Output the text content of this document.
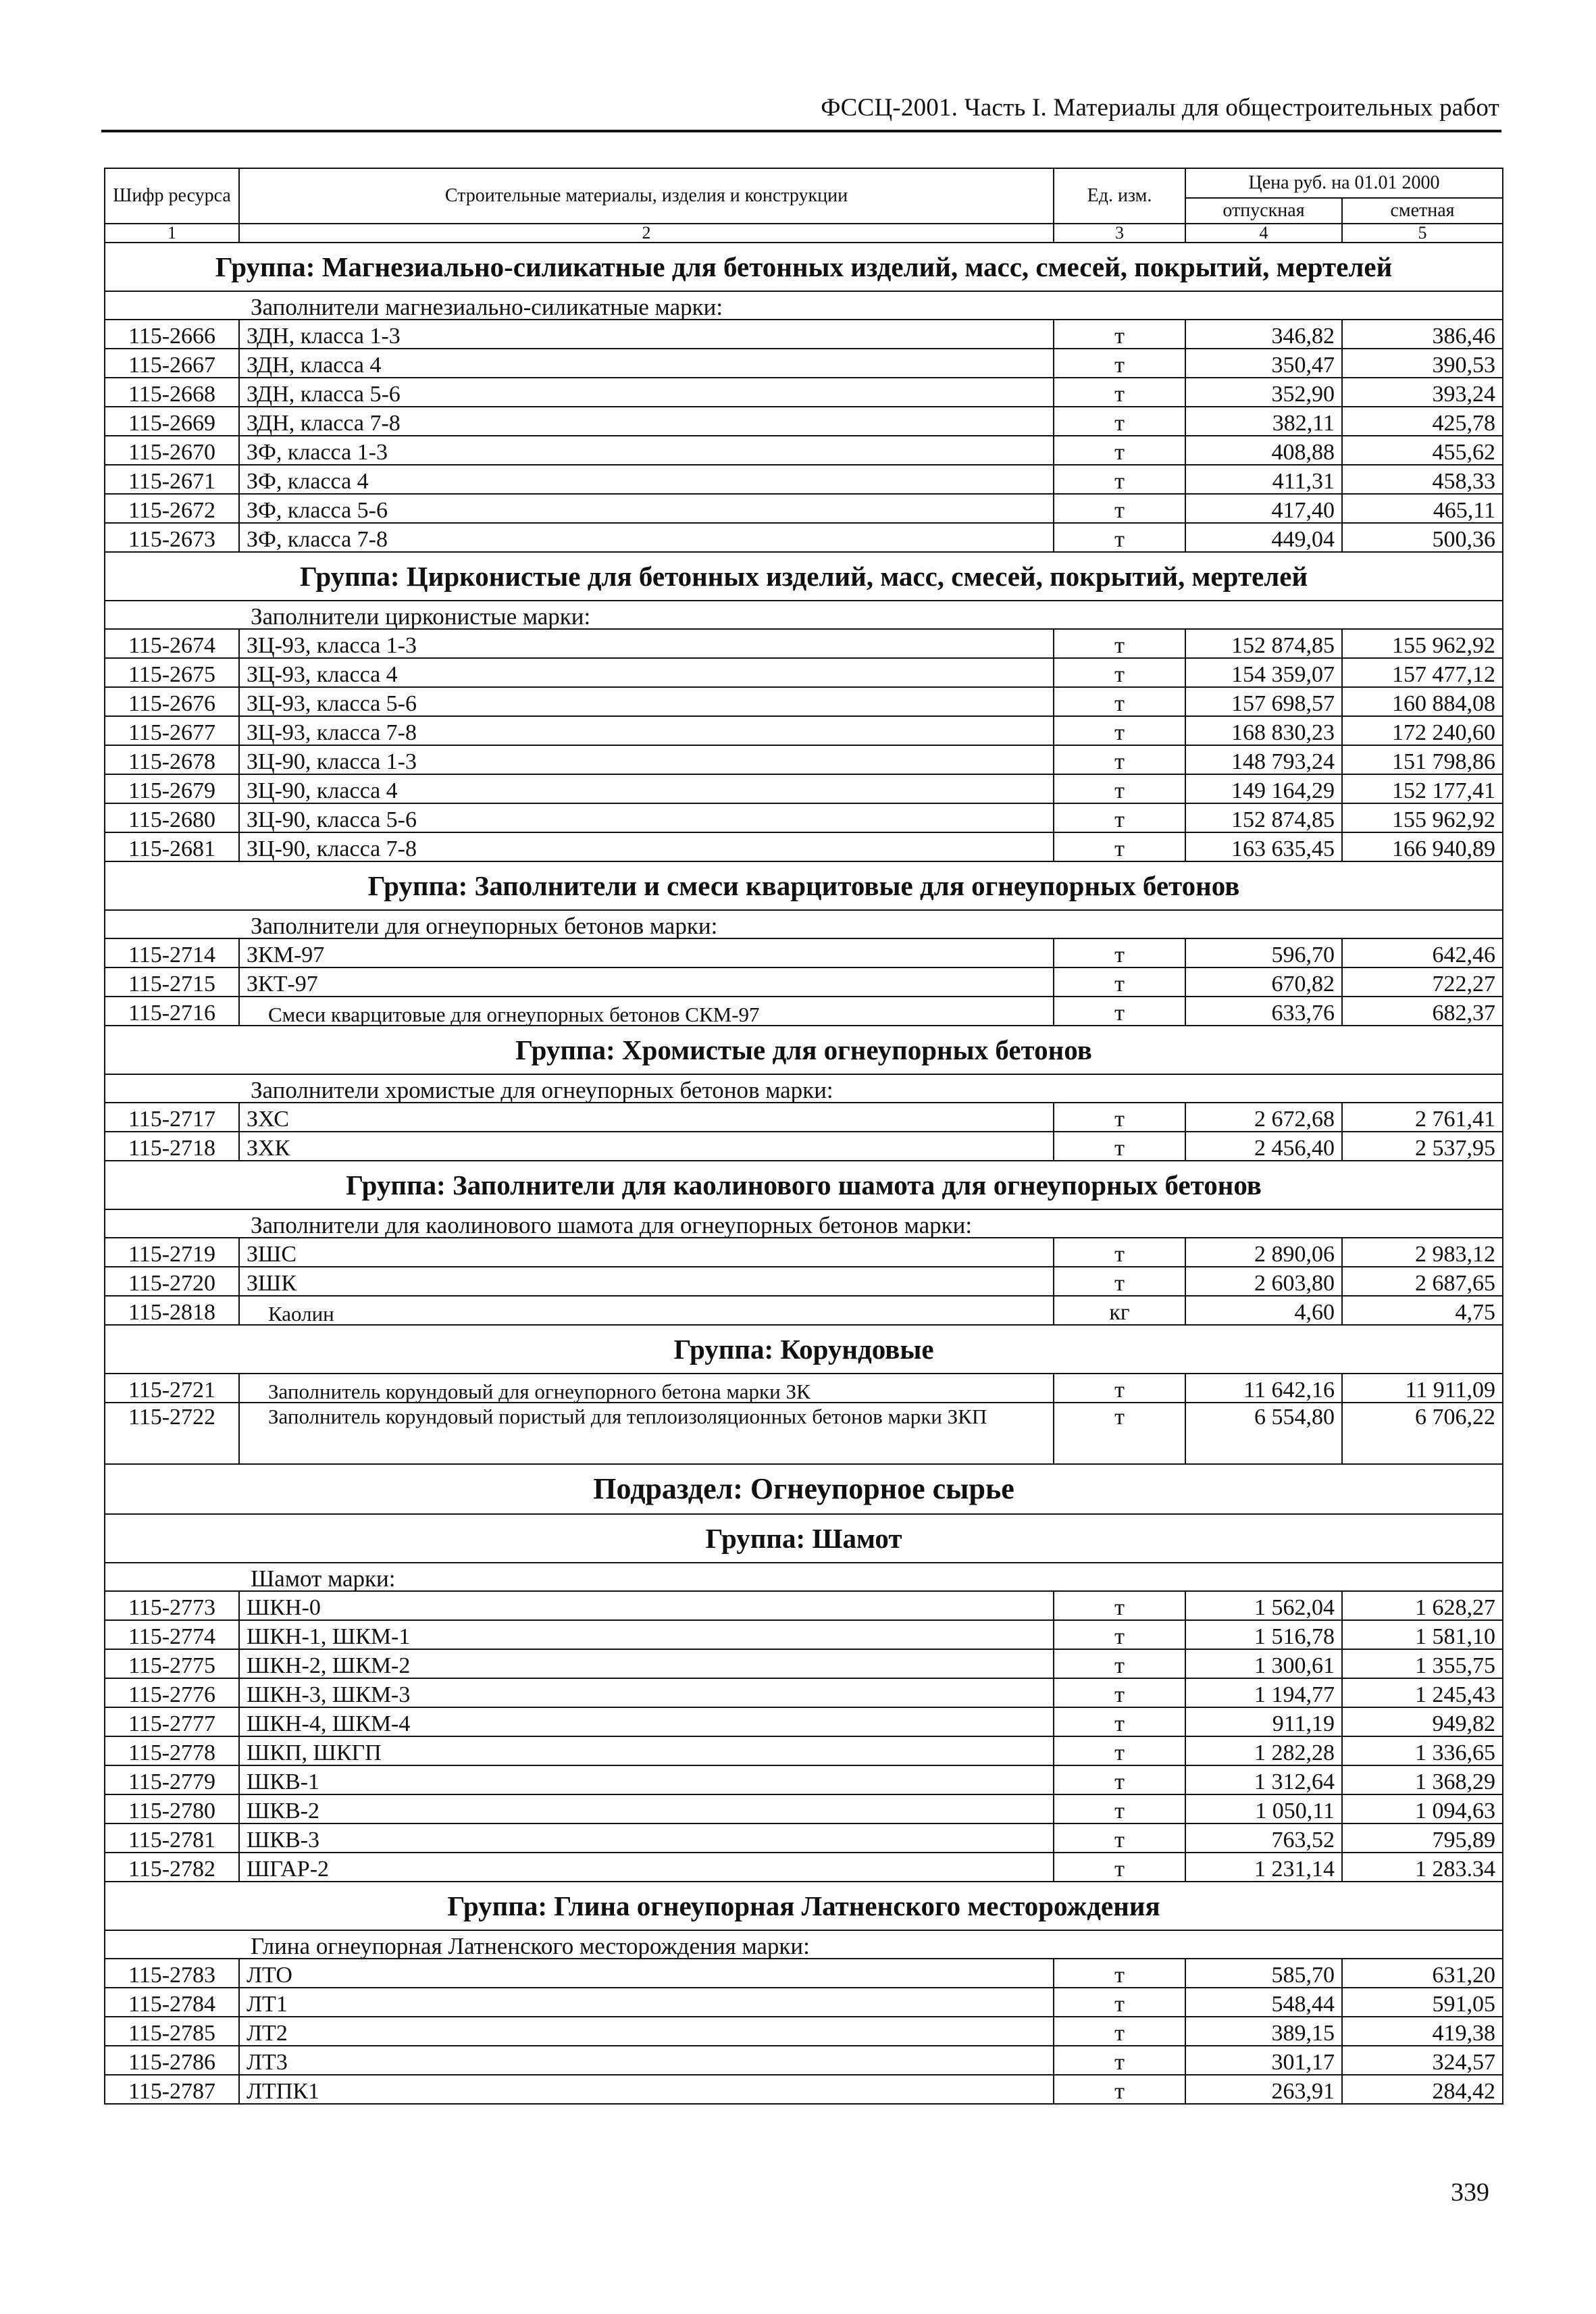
ФССЦ-2001. Часть I. Материалы для общестроительных работ
Шифр ресурса	Строительные материалы, изделия и конструкции	Ед. изм.	Цена руб. на 01.01 2000	
			отпускная	сметная
1	2	3	4	5
Группа: Магнезиально-силикатные для бетонных изделий, масс, смесей, покрытий, мертелей				
Заполнители магнезиально-силикатные марки:				
115-2666	ЗДН, класса 1-3	т	346,82	386,46
115-2667	ЗДН, класса 4	т	350,47	390,53
115-2668	ЗДН, класса 5-6	т	352,90	393,24
115-2669	ЗДН, класса 7-8	т	382,11	425,78
115-2670	ЗФ, класса 1-3	т	408,88	455,62
115-2671	ЗФ, класса 4	т	411,31	458,33
115-2672	ЗФ, класса 5-6	т	417,40	465,11
115-2673	ЗФ, класса 7-8	т	449,04	500,36
Группа: Цирконистые для бетонных изделий, масс, смесей, покрытий, мертелей				
Заполнители цирконистые марки:				
115-2674	ЗЦ-93, класса 1-3	т	152 874,85	155 962,92
115-2675	ЗЦ-93, класса 4	т	154 359,07	157 477,12
115-2676	ЗЦ-93, класса 5-6	т	157 698,57	160 884,08
115-2677	ЗЦ-93, класса 7-8	т	168 830,23	172 240,60
115-2678	ЗЦ-90, класса 1-3	т	148 793,24	151 798,86
115-2679	ЗЦ-90, класса 4	т	149 164,29	152 177,41
115-2680	ЗЦ-90, класса 5-6	т	152 874,85	155 962,92
115-2681	ЗЦ-90, класса 7-8	т	163 635,45	166 940,89
Группа: Заполнители и смеси кварцитовые для огнеупорных бетонов				
Заполнители для огнеупорных бетонов марки:				
115-2714	ЗКМ-97	т	596,70	642,46
115-2715	ЗКТ-97	т	670,82	722,27
115-2716	Смеси кварцитовые для огнеупорных бетонов СКМ-97	т	633,76	682,37
Группа: Хромистые для огнеупорных бетонов				
Заполнители хромистые для огнеупорных бетонов марки:				
115-2717	ЗХС	т	2 672,68	2 761,41
115-2718	ЗХК	т	2 456,40	2 537,95
Группа: Заполнители для каолинового шамота для огнеупорных бетонов				
Заполнители для каолинового шамота для огнеупорных бетонов марки:				
115-2719	ЗШС	т	2 890,06	2 983,12
115-2720	ЗШК	т	2 603,80	2 687,65
115-2818	Каолин	кг	4,60	4,75
Группа: Корундовые				
115-2721	Заполнитель корундовый для огнеупорного бетона марки ЗК	т	11 642,16	11 911,09
115-2722	Заполнитель корундовый пористый для теплоизоляционных бетонов марки ЗКП	т	6 554,80	6 706,22
Подраздел: Огнеупорное сырье				
Группа: Шамот				
Шамот марки:				
115-2773	ШКН-0	т	1 562,04	1 628,27
115-2774	ШКН-1, ШКМ-1	т	1 516,78	1 581,10
115-2775	ШКН-2, ШКМ-2	т	1 300,61	1 355,75
115-2776	ШКН-3, ШКМ-3	т	1 194,77	1 245,43
115-2777	ШКН-4, ШКМ-4	т	911,19	949,82
115-2778	ШКП, ШКГП	т	1 282,28	1 336,65
115-2779	ШКВ-1	т	1 312,64	1 368,29
115-2780	ШКВ-2	т	1 050,11	1 094,63
115-2781	ШКВ-3	т	763,52	795,89
115-2782	ШГАР-2	т	1 231,14	1 283.34
Группа: Глина огнеупорная Латненского месторождения				
Глина огнеупорная Латненского месторождения марки:				
115-2783	ЛТО	т	585,70	631,20
115-2784	ЛТ1	т	548,44	591,05
115-2785	ЛТ2	т	389,15	419,38
115-2786	ЛТ3	т	301,17	324,57
115-2787	ЛТПК1	т	263,91	284,42
339
